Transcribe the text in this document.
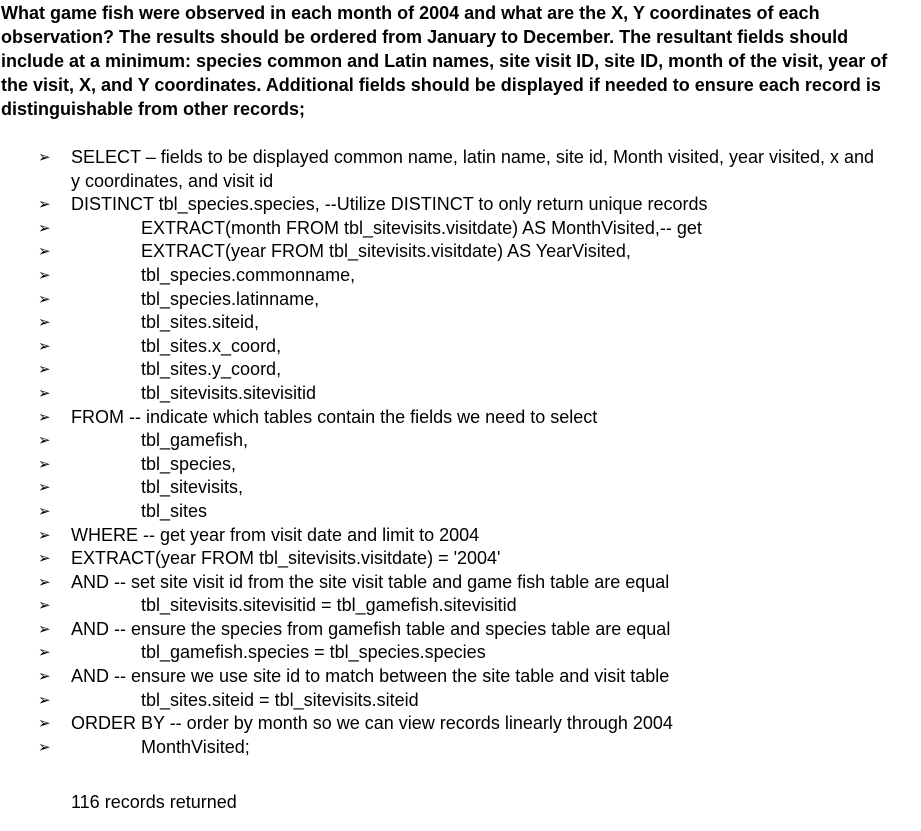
What game fish were observed in each month of 2004 and what are the X, Y coordinates of each observation? The results should be ordered from January to December. The resultant fields should include at a minimum: species common and Latin names, site visit ID, site ID, month of the visit, year of the visit, X, and Y coordinates. Additional fields should be displayed if needed to ensure each record is distinguishable from other records;
➢ SELECT – fields to be displayed common name, latin name, site id, Month visited, year visited, x and y coordinates, and visit id
➢ DISTINCT tbl_species.species, --Utilize DISTINCT to only return unique records
➢	EXTRACT(month FROM tbl_sitevisits.visitdate) AS MonthVisited,-- get
➢	EXTRACT(year FROM tbl_sitevisits.visitdate) AS YearVisited,
➢	tbl_species.commonname,
➢	tbl_species.latinname,
➢	tbl_sites.siteid,
➢	tbl_sites.x_coord,
➢	tbl_sites.y_coord,
➢	tbl_sitevisits.sitevisitid
➢ FROM -- indicate which tables contain the fields we need to select
➢	tbl_gamefish,
➢	tbl_species,
➢	tbl_sitevisits,
➢	tbl_sites
➢ WHERE -- get year from visit date and limit to 2004
➢ EXTRACT(year FROM tbl_sitevisits.visitdate) = '2004'
➢ AND -- set site visit id from the site visit table and game fish table are equal
➢	tbl_sitevisits.sitevisitid = tbl_gamefish.sitevisitid
➢ AND -- ensure the species from gamefish table and species table are equal
➢	tbl_gamefish.species = tbl_species.species
➢ AND -- ensure we use site id to match between the site table and visit table
➢	tbl_sites.siteid = tbl_sitevisits.siteid
➢ ORDER BY -- order by month so we can view records linearly through 2004
➢	MonthVisited;
116 records returned
